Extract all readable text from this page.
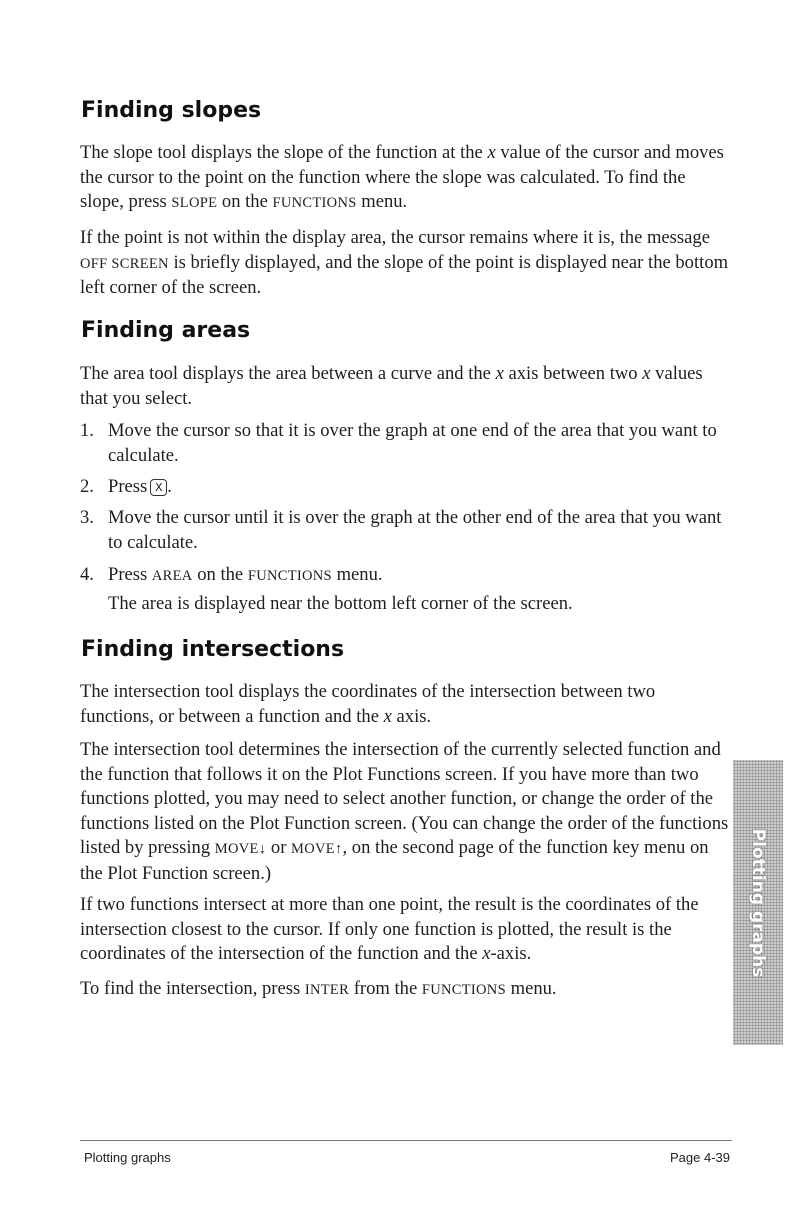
Finding slopes

The slope tool displays the slope of the function at the x value of the cursor and moves the cursor to the point on the function where the slope was calculated. To find the slope, press SLOPE on the FUNCTIONS menu.

If the point is not within the display area, the cursor remains where it is, the message OFF SCREEN is briefly displayed, and the slope of the point is displayed near the bottom left corner of the screen.

Finding areas

The area tool displays the area between a curve and the x axis between two x values that you select.

1. Move the cursor so that it is over the graph at one end of the area that you want to calculate.
2. Press X .
3. Move the cursor until it is over the graph at the other end of the area that you want to calculate.
4. Press AREA on the FUNCTIONS menu.
The area is displayed near the bottom left corner of the screen.
Finding intersections

The intersection tool displays the coordinates of the intersection between two functions, or between a function and the x axis.

The intersection tool determines the intersection of the currently selected function and the function that follows it on the Plot Functions screen. If you have more than two functions plotted, you may need to select another function, or change the order of the functions listed on the Plot Function screen. (You can change the order of the functions listed by pressing MOVE↓ or MOVE↑, on the second page of the function key menu on the Plot Function screen.)

If two functions intersect at more than one point, the result is the coordinates of the intersection closest to the cursor. If only one function is plotted, the result is the coordinates of the intersection of the function and the x-axis.

To find the intersection, press INTER from the FUNCTIONS menu.

Plotting graphs
Plotting graphs	Page 4-39
